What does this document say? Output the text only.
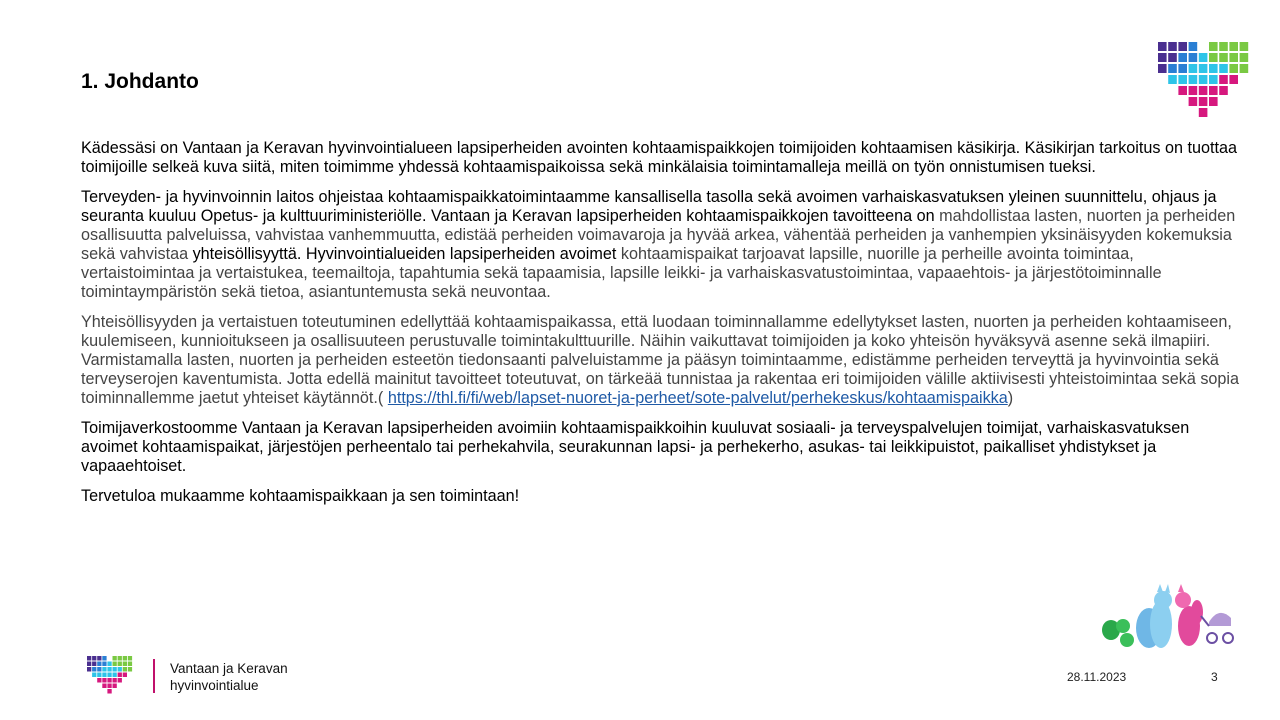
1. Johdanto

Kädessäsi on Vantaan ja Keravan hyvinvointialueen lapsiperheiden avointen kohtaamispaikkojen toimijoiden kohtaamisen käsikirja. Käsikirjan tarkoitus on tuottaa toimijoille selkeä kuva siitä, miten toimimme yhdessä kohtaamispaikoissa sekä minkälaisia toimintamalleja meillä on työn onnistumisen tueksi.

Terveyden- ja hyvinvoinnin laitos ohjeistaa kohtaamispaikkatoimintaamme kansallisella tasolla sekä avoimen varhaiskasvatuksen yleinen suunnittelu, ohjaus ja seuranta kuuluu Opetus- ja kulttuuriministeriölle. Vantaan ja Keravan lapsiperheiden kohtaamispaikkojen tavoitteena on mahdollistaa lasten, nuorten ja perheiden osallisuutta palveluissa, vahvistaa vanhemmuutta, edistää perheiden voimavaroja ja hyvää arkea, vähentää perheiden ja vanhempien yksinäisyyden kokemuksia sekä vahvistaa yhteisöllisyyttä. Hyvinvointialueiden lapsiperheiden avoimet kohtaamispaikat tarjoavat lapsille, nuorille ja perheille avointa toimintaa, vertaistoimintaa ja vertaistukea, teemailtoja, tapahtumia sekä tapaamisia, lapsille leikki- ja varhaiskasvatustoimintaa, vapaaehtois- ja järjestötoiminnalle toimintaympäristön sekä tietoa, asiantuntemusta sekä neuvontaa.

Yhteisöllisyyden ja vertaistuen toteutuminen edellyttää kohtaamispaikassa, että luodaan toiminnallamme edellytykset lasten, nuorten ja perheiden kohtaamiseen, kuulemiseen, kunnioitukseen ja osallisuuteen perustuvalle toimintakulttuurille. Näihin vaikuttavat toimijoiden ja koko yhteisön hyväksyvä asenne sekä ilmapiiri. Varmistamalla lasten, nuorten ja perheiden esteetön tiedonsaanti palveluistamme ja pääsyn toimintaamme, edistämme perheiden terveyttä ja hyvinvointia sekä terveyserojen kaventumista. Jotta edellä mainitut tavoitteet toteutuvat, on tärkeää tunnistaa ja rakentaa eri toimijoiden välille aktiivisesti yhteistoimintaa sekä sopia toiminnallemme jaetut yhteiset käytännöt.( https://thl.fi/fi/web/lapset-nuoret-ja-perheet/sote-palvelut/perhekeskus/kohtaamispaikka)

Toimijaverkostoomme Vantaan ja Keravan lapsiperheiden avoimiin kohtaamispaikkoihin kuuluvat sosiaali- ja terveyspalvelujen toimijat, varhaiskasvatuksen avoimet kohtaamispaikat, järjestöjen perheentalo tai perhekahvila, seurakunnan lapsi- ja perhekerho, asukas- tai leikkipuistot, paikalliset yhdistykset ja vapaaehtoiset.

Tervetuloa mukaamme kohtaamispaikkaan ja sen toimintaan!

Vantaan ja Keravan
hyvinvointialue
28.11.2023	3
